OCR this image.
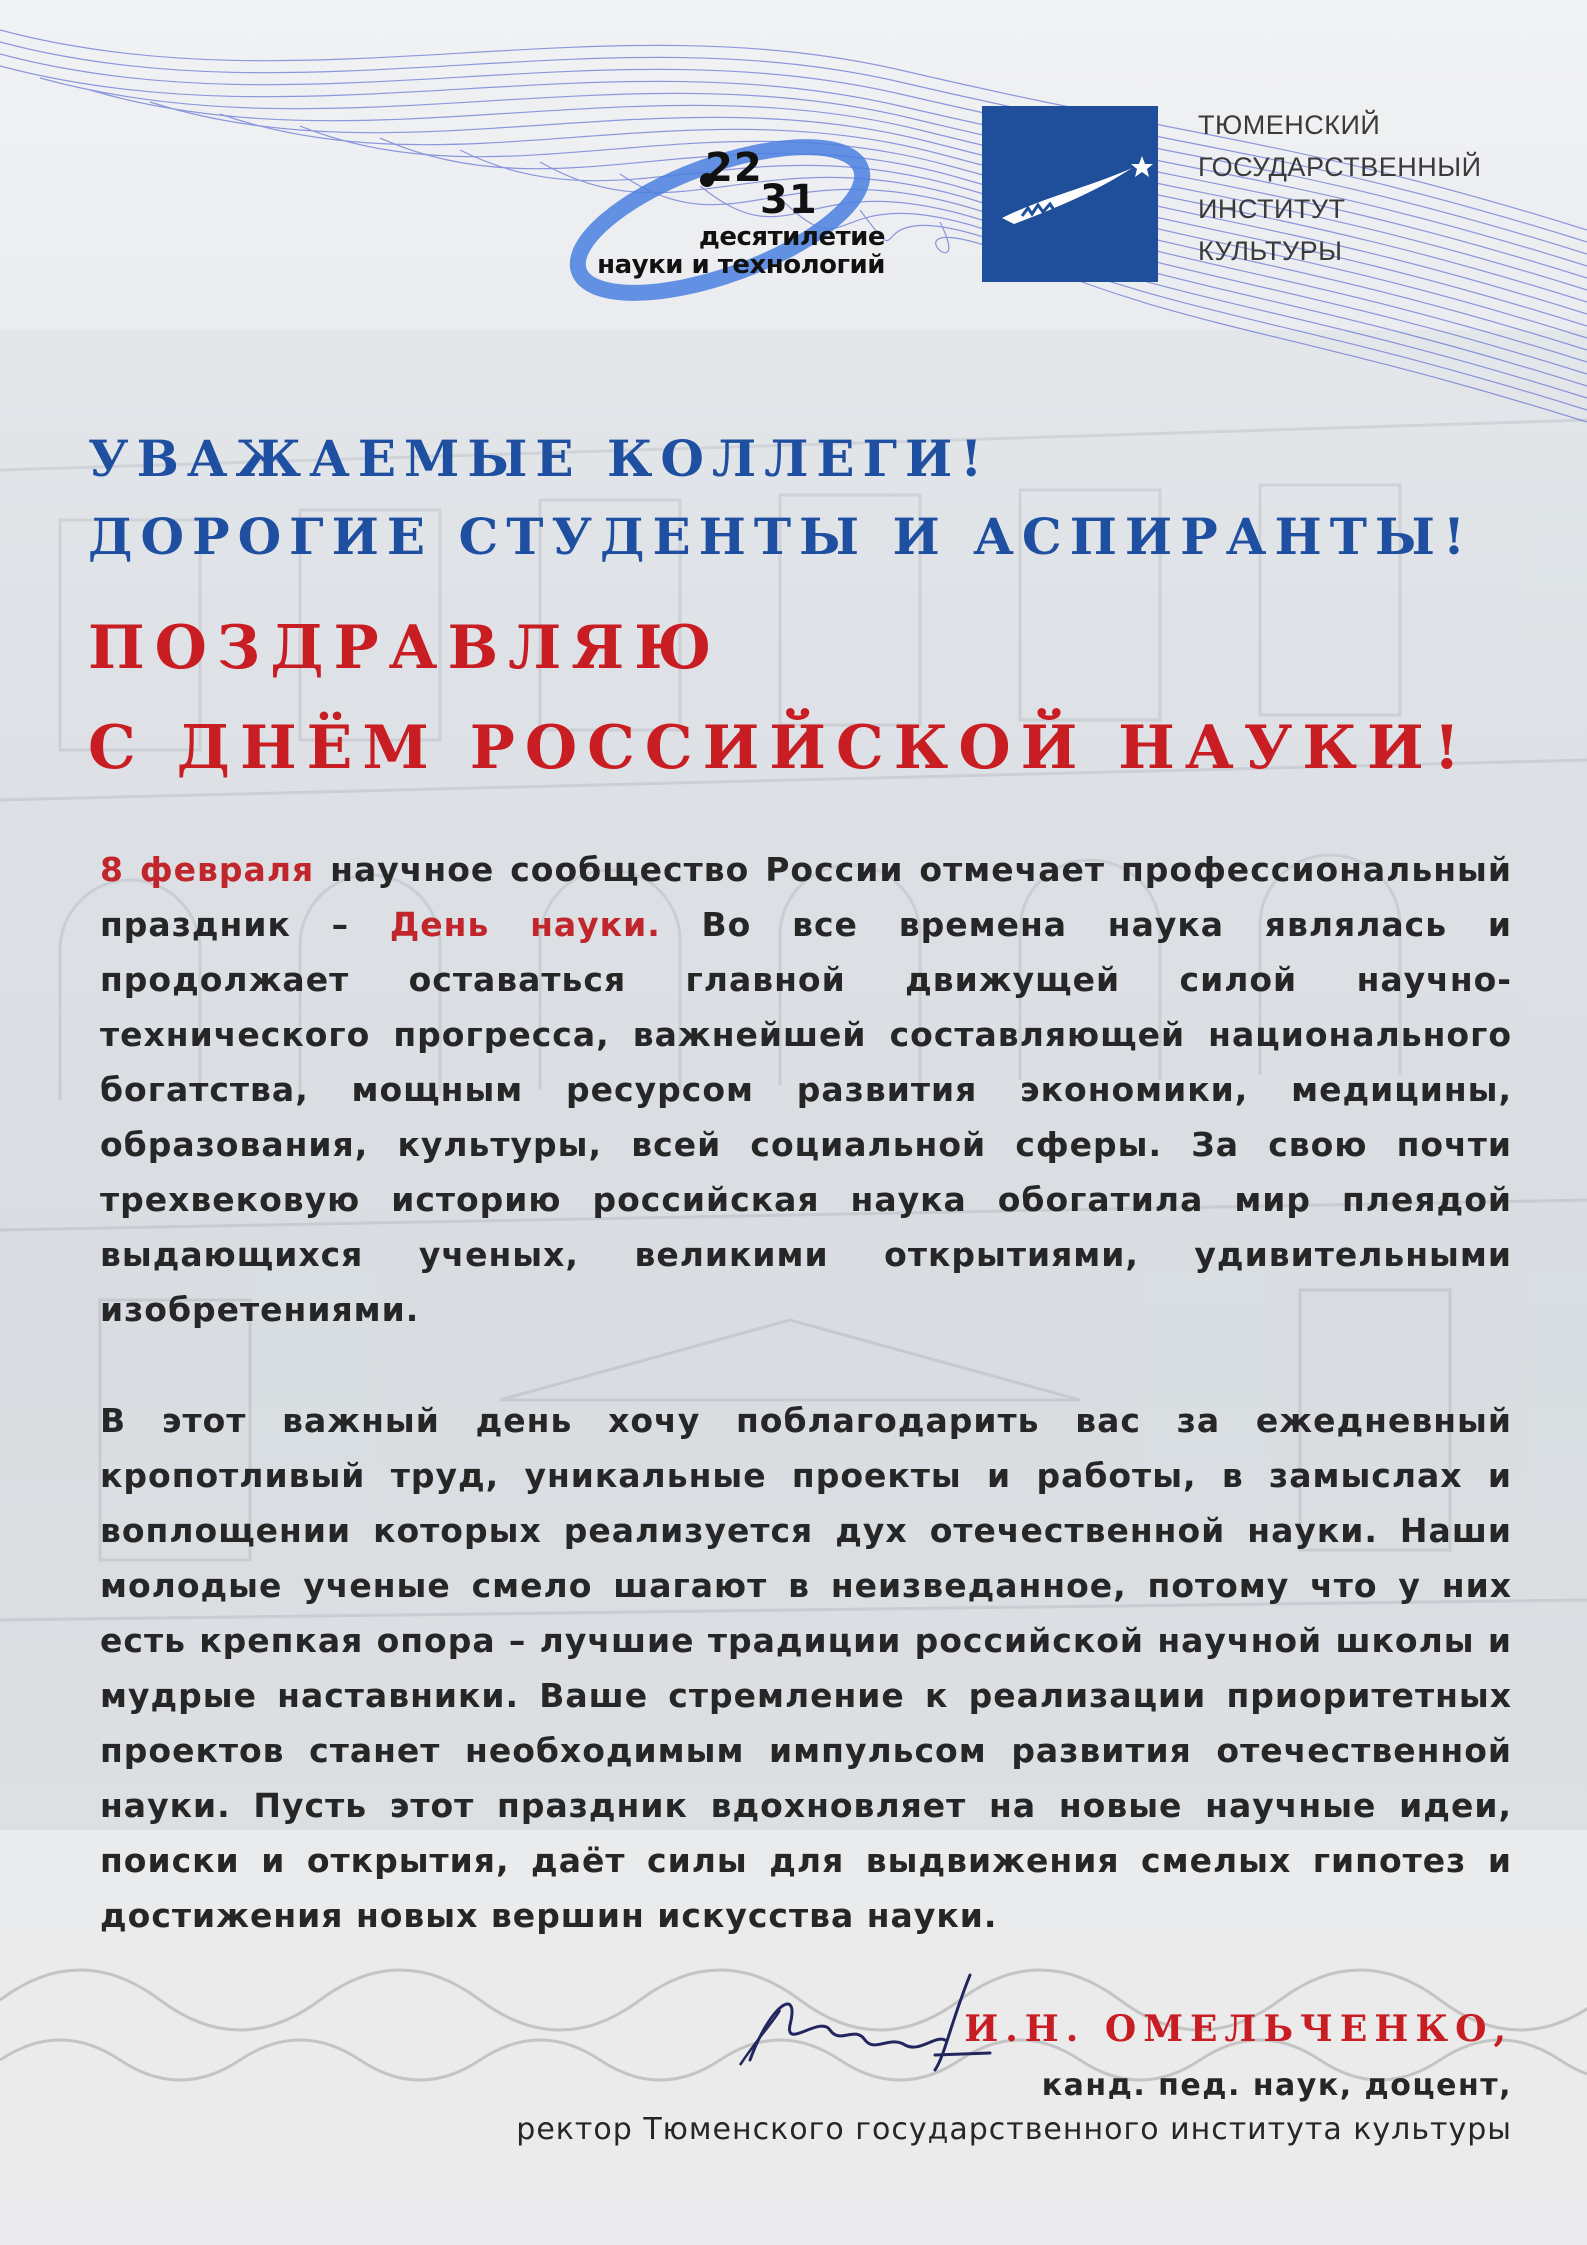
22
31
десятилетие
науки и технологий
ТЮМЕНСКИЙ
ГОСУДАРСТВЕННЫЙ
ИНСТИТУТ
КУЛЬТУРЫ
УВАЖАЕМЫЕ КОЛЛЕГИ!
ДОРОГИЕ СТУДЕНТЫ И АСПИРАНТЫ!
ПОЗДРАВЛЯЮ
С ДНЁМ РОССИЙСКОЙ НАУКИ!
8 февраля научное сообщество России отмечает профессиональный праздник – День науки. Во все времена наука являлась и продолжает оставаться главной движущей силой научно-технического прогресса, важнейшей составляющей национального богатства, мощным ресурсом развития экономики, медицины, образования, культуры, всей социальной сферы. За свою почти трехвековую историю российская наука обогатила мир плеядой выдающихся ученых, великими открытиями, удивительными изобретениями.
В этот важный день хочу поблагодарить вас за ежедневный кропотливый труд, уникальные проекты и работы, в замыслах и воплощении которых реализуется дух отечественной науки. Наши молодые ученые смело шагают в неизведанное, потому что у них есть крепкая опора – лучшие традиции российской научной школы и мудрые наставники. Ваше стремление к реализации приоритетных проектов станет необходимым импульсом развития отечественной науки. Пусть этот праздник вдохновляет на новые научные идеи, поиски и открытия, даёт силы для выдвижения смелых гипотез и достижения новых вершин искусства науки.
И.Н. ОМЕЛЬЧЕНКО,
канд. пед. наук, доцент,
ректор Тюменского государственного института культуры
